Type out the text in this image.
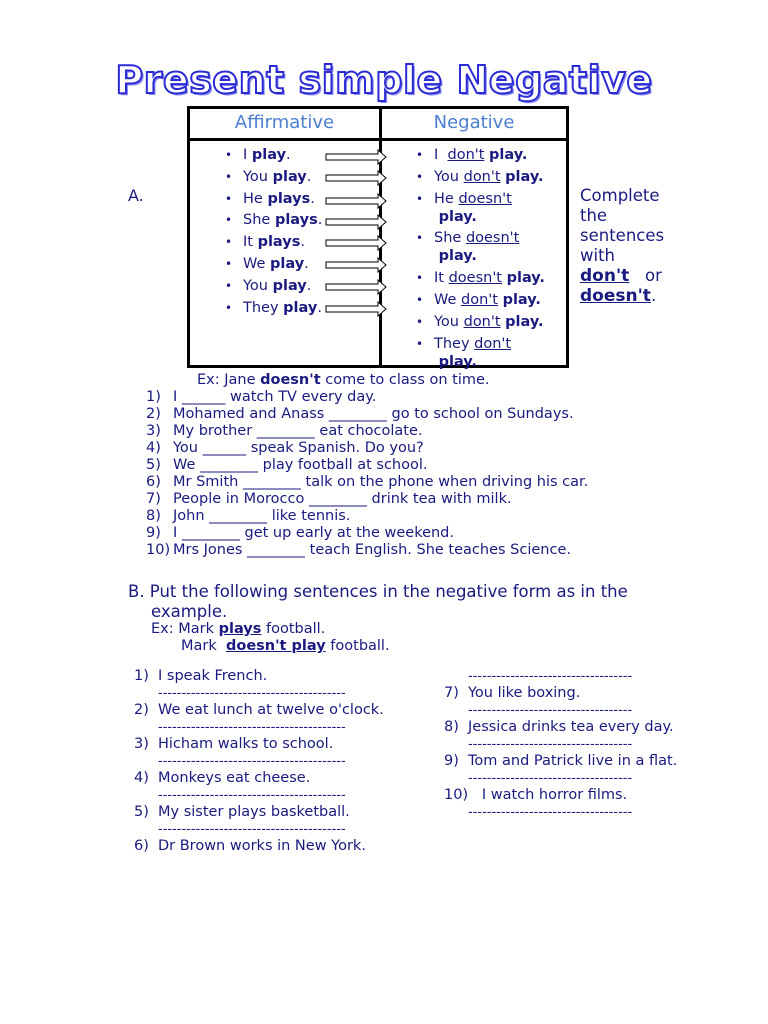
Present simple Negative
A.
Affirmative	Negative
• I play.
• You play.
• He plays.
• She plays.
• It plays.
• We play.
• You play.
• They play.
• I don't play.
• You don't play.
• He doesn't
play.
• She doesn't
play.
• It doesn't play.
• We don't play.
• You don't play.
• They don't
play.
Complete
the
sentences
with
don't or
doesn't.
Ex: Jane doesn't come to class on time.
1) I ______ watch TV every day.
2) Mohamed and Anass ________ go to school on Sundays.
3) My brother ________ eat chocolate.
4) You ______ speak Spanish. Do you?
5) We ________ play football at school.
6) Mr Smith ________ talk on the phone when driving his car.
7) People in Morocco ________ drink tea with milk.
8) John ________ like tennis.
9) I ________ get up early at the weekend.
10) Mrs Jones ________ teach English. She teaches Science.
B. Put the following sentences in the negative form as in the
example.
Ex: Mark plays football.
Mark doesn't play football.
1) I speak French.
----------------------------------------
2) We eat lunch at twelve o'clock.
----------------------------------------
3) Hicham walks to school.
----------------------------------------
4) Monkeys eat cheese.
----------------------------------------
5) My sister plays basketball.
----------------------------------------
6) Dr Brown works in New York.
-----------------------------------
7) You like boxing.
-----------------------------------
8) Jessica drinks tea every day.
-----------------------------------
9) Tom and Patrick live in a flat.
-----------------------------------
10)   I watch horror films.
-----------------------------------
